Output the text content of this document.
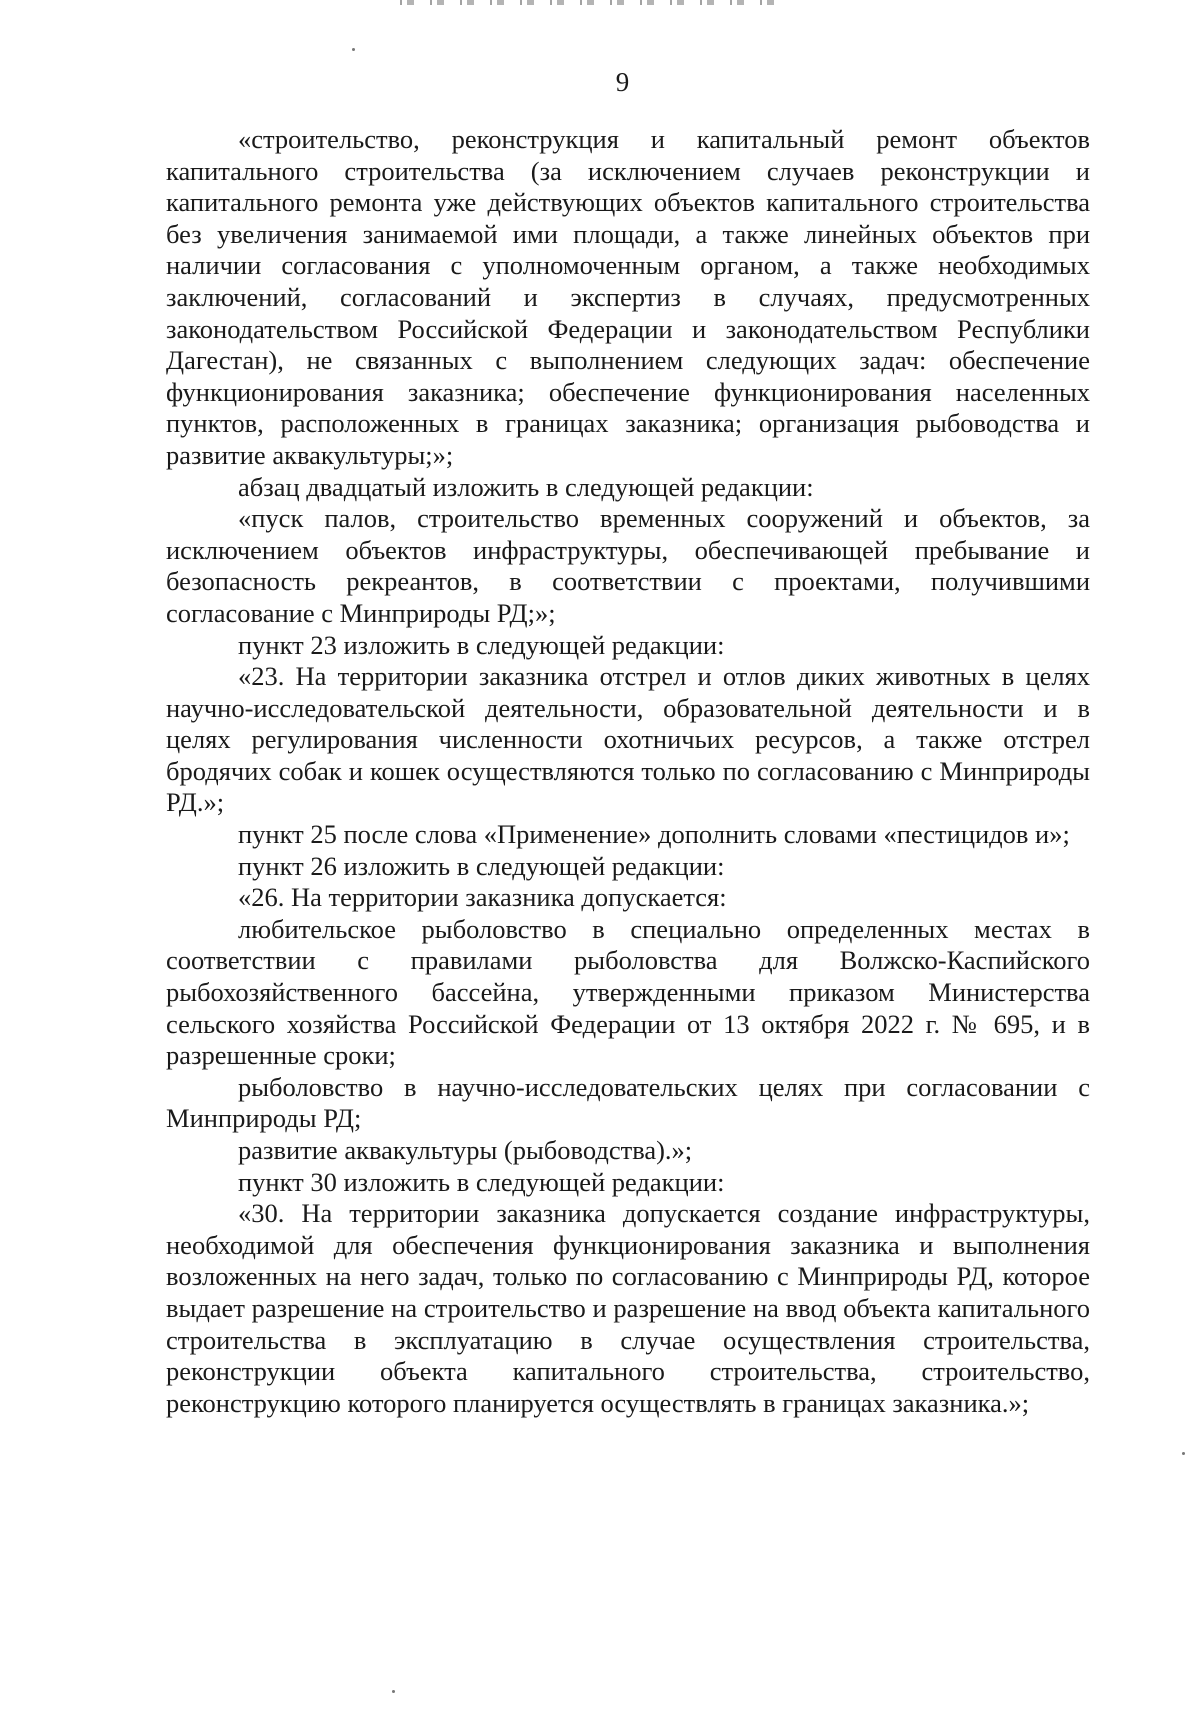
9

«строительство, реконструкция и капитальный ремонт объектов капитального строительства (за исключением случаев реконструкции и капитального ремонта уже действующих объектов капитального строительства без увеличения занимаемой ими площади, а также линейных объектов при наличии согласования с уполномоченным органом, а также необходимых заключений, согласований и экспертиз в случаях, предусмотренных законодательством Российской Федерации и законодательством Республики Дагестан), не связанных с выполнением следующих задач: обеспечение функционирования заказника; обеспечение функционирования населенных пунктов, расположенных в границах заказника; организация рыбоводства и развитие аквакультуры;»;

абзац двадцатый изложить в следующей редакции:

«пуск палов, строительство временных сооружений и объектов, за исключением объектов инфраструктуры, обеспечивающей пребывание и безопасность рекреантов, в соответствии с проектами, получившими согласование с Минприроды РД;»;

пункт 23 изложить в следующей редакции:

«23. На территории заказника отстрел и отлов диких животных в целях научно-исследовательской деятельности, образовательной деятельности и в целях регулирования численности охотничьих ресурсов, а также отстрел бродячих собак и кошек осуществляются только по согласованию с Минприроды РД.»;

пункт 25 после слова «Применение» дополнить словами «пестицидов и»;

пункт 26 изложить в следующей редакции:

«26. На территории заказника допускается:

любительское рыболовство в специально определенных местах в соответствии с правилами рыболовства для Волжско-Каспийского рыбохозяйственного бассейна, утвержденными приказом Министерства сельского хозяйства Российской Федерации от 13 октября 2022 г. № 695, и в разрешенные сроки;

рыболовство в научно-исследовательских целях при согласовании с Минприроды РД;

развитие аквакультуры (рыбоводства).»;

пункт 30 изложить в следующей редакции:

«30. На территории заказника допускается создание инфраструктуры, необходимой для обеспечения функционирования заказника и выполнения возложенных на него задач, только по согласованию с Минприроды РД, которое выдает разрешение на строительство и разрешение на ввод объекта капитального строительства в эксплуатацию в случае осуществления строительства, реконструкции объекта капитального строительства, строительство, реконструкцию которого планируется осуществлять в границах заказника.»;
